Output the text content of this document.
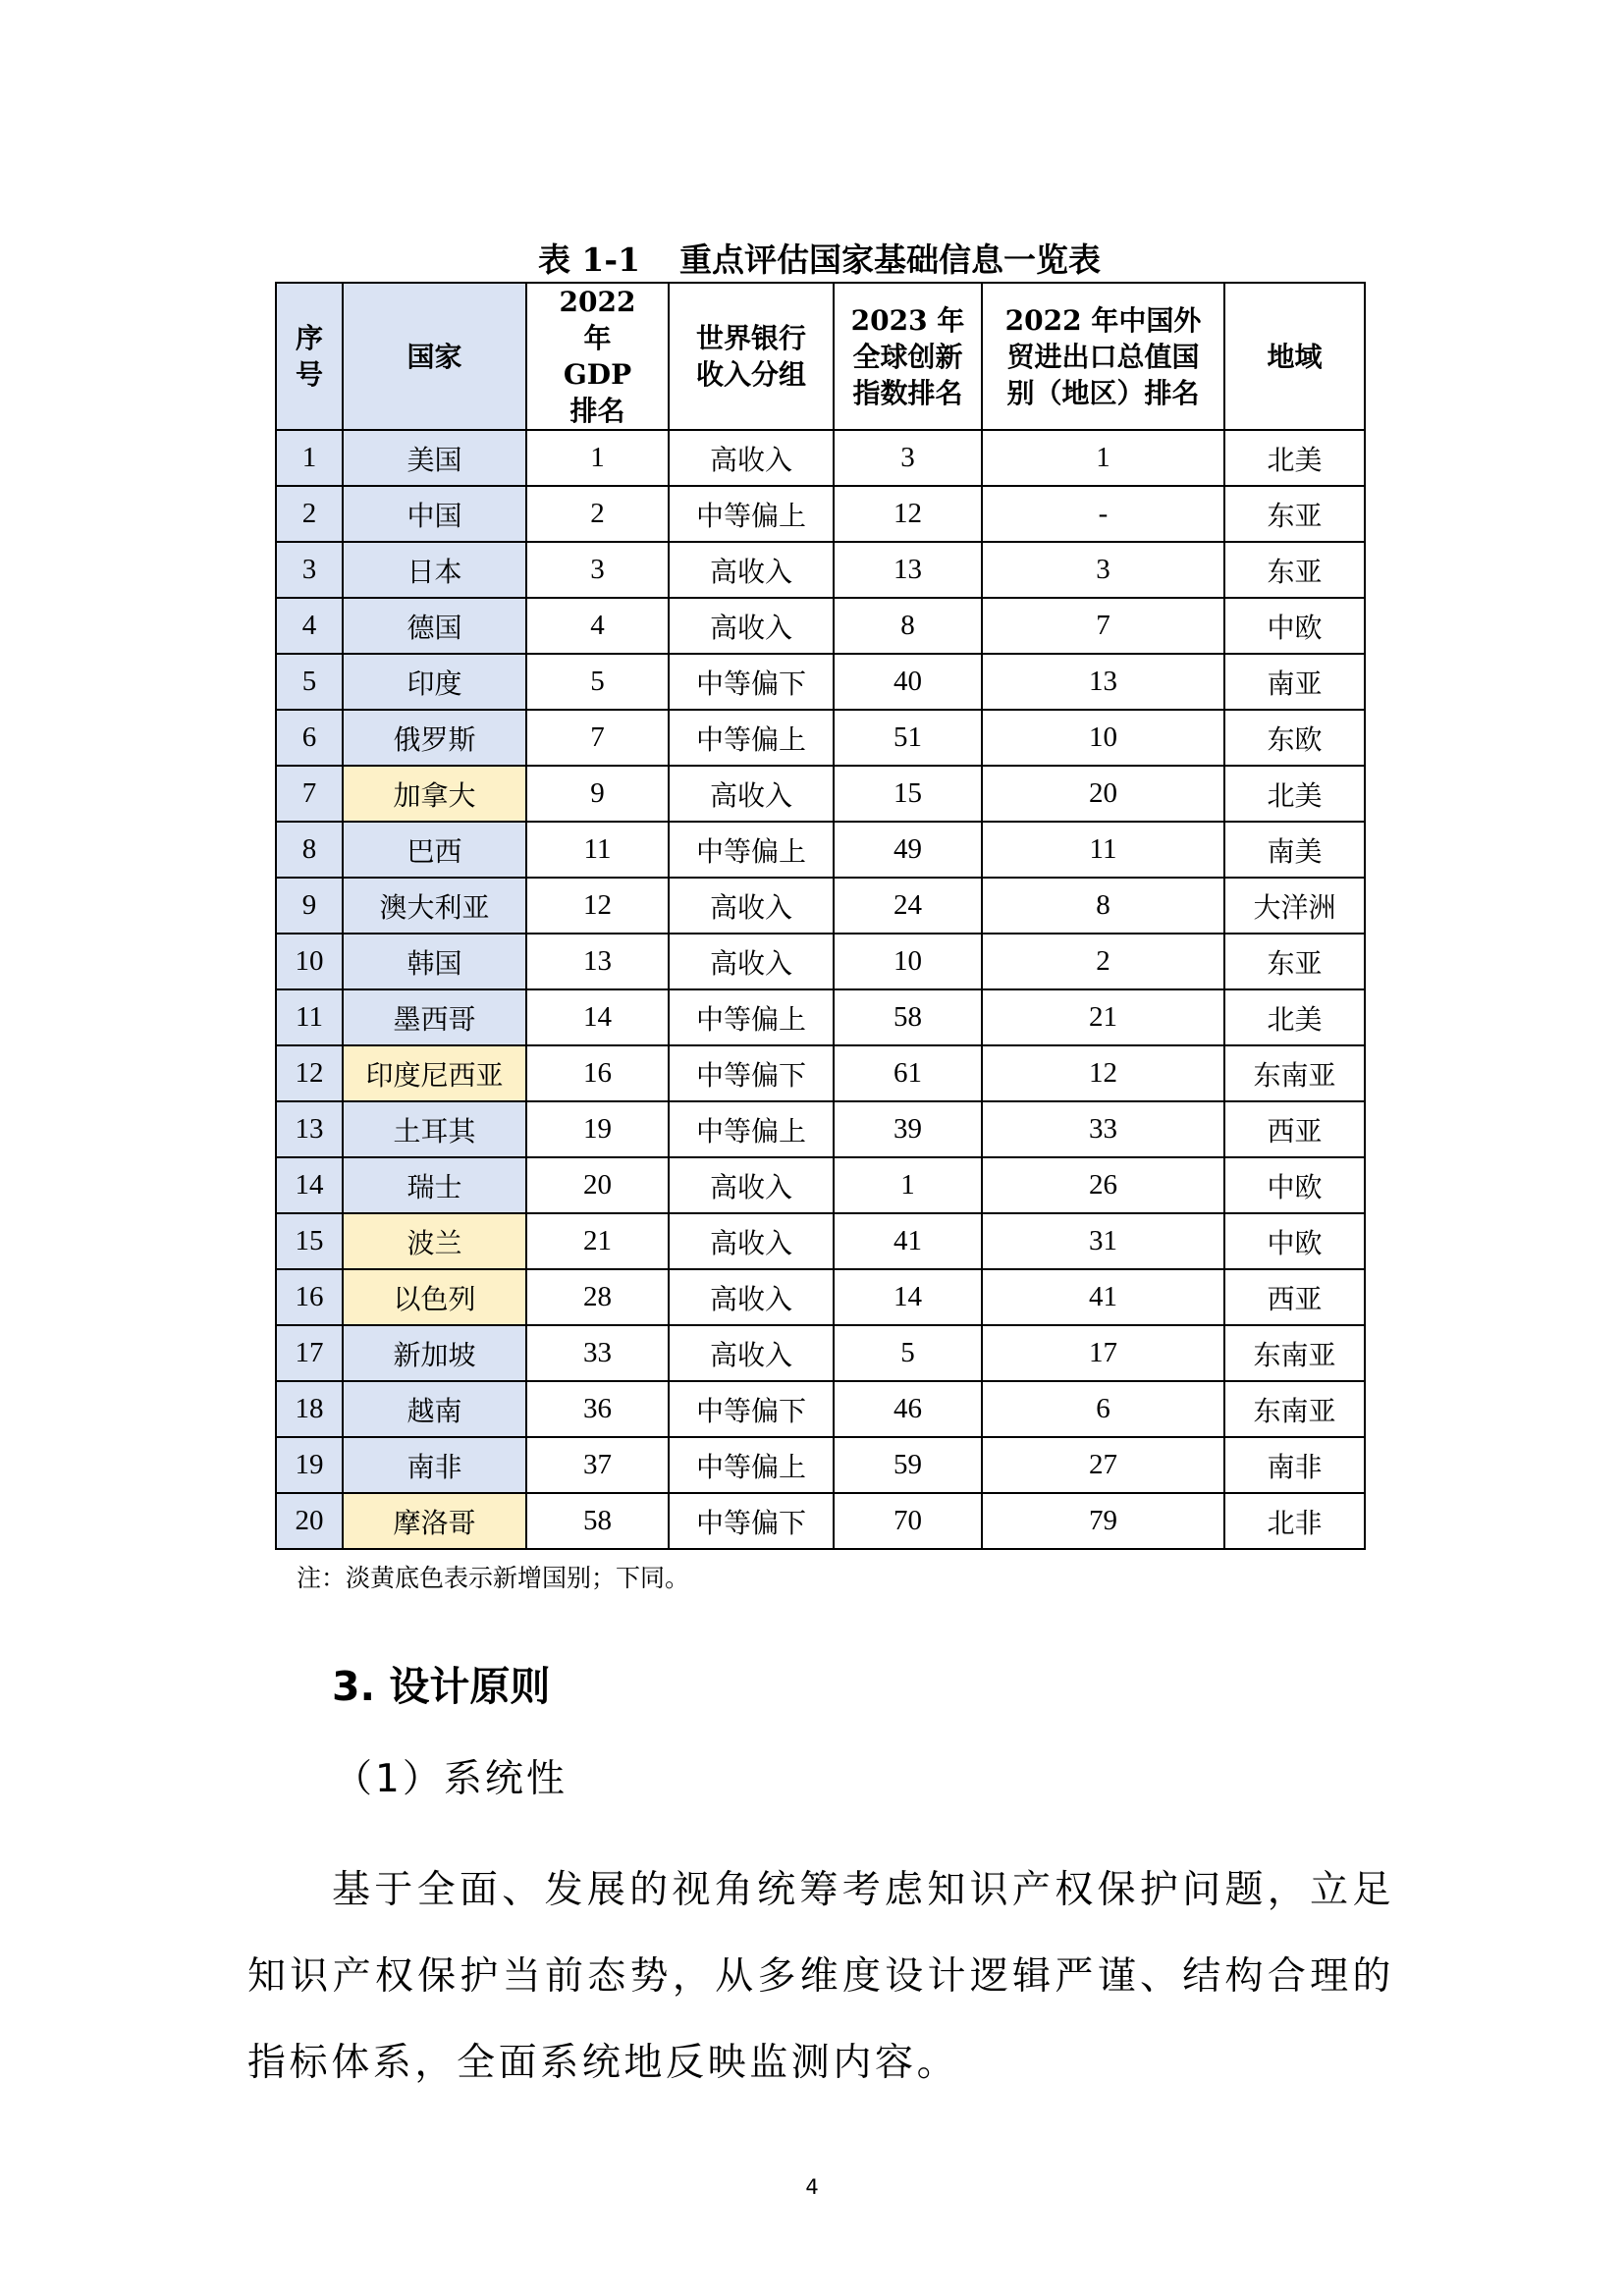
表 1-1 重点评估国家基础信息一览表
序号	国家	2022 年 GDP 排名	世界银行收入分组	2023 年全球创新指数排名	2022 年中国外贸进出口总值国别（地区）排名	地域
1	美国	1	高收入	3	1	北美
2	中国	2	中等偏上	12	-	东亚
3	日本	3	高收入	13	3	东亚
4	德国	4	高收入	8	7	中欧
5	印度	5	中等偏下	40	13	南亚
6	俄罗斯	7	中等偏上	51	10	东欧
7	加拿大	9	高收入	15	20	北美
8	巴西	11	中等偏上	49	11	南美
9	澳大利亚	12	高收入	24	8	大洋洲
10	韩国	13	高收入	10	2	东亚
11	墨西哥	14	中等偏上	58	21	北美
12	印度尼西亚	16	中等偏下	61	12	东南亚
13	土耳其	19	中等偏上	39	33	西亚
14	瑞士	20	高收入	1	26	中欧
15	波兰	21	高收入	41	31	中欧
16	以色列	28	高收入	14	41	西亚
17	新加坡	33	高收入	5	17	东南亚
18	越南	36	中等偏下	46	6	东南亚
19	南非	37	中等偏上	59	27	南非
20	摩洛哥	58	中等偏下	70	79	北非
注：淡黄底色表示新增国别；下同。
3. 设计原则
（1）系统性
基于全面、发展的视角统筹考虑知识产权保护问题，立足知识产权保护当前态势，从多维度设计逻辑严谨、结构合理的指标体系，全面系统地反映监测内容。
4
